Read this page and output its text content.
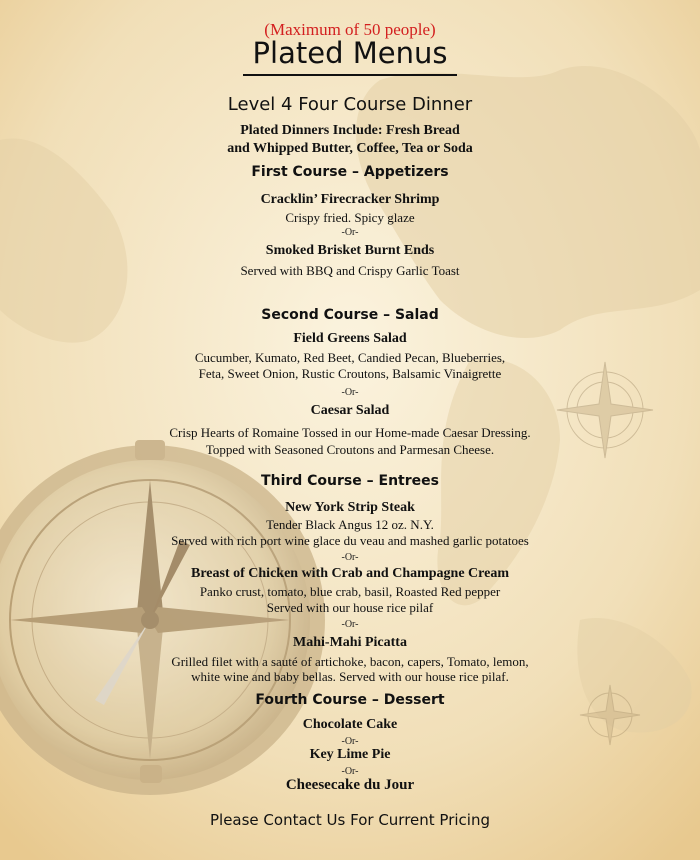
(Maximum of 50 people)
Plated Menus
Level 4 Four Course Dinner
Plated Dinners Include: Fresh Bread
and Whipped Butter, Coffee, Tea or Soda
First Course – Appetizers
Cracklin’ Firecracker Shrimp
Crispy fried. Spicy glaze
-Or-
Smoked Brisket Burnt Ends
Served with BBQ and Crispy Garlic Toast
Second Course – Salad
Field Greens Salad
Cucumber, Kumato, Red Beet, Candied Pecan, Blueberries,
Feta, Sweet Onion, Rustic Croutons, Balsamic Vinaigrette
-Or-
Caesar Salad
Crisp Hearts of Romaine Tossed in our Home-made Caesar Dressing.
Topped with Seasoned Croutons and Parmesan Cheese.
Third Course – Entrees
New York Strip Steak
Tender Black Angus 12 oz. N.Y.
Served with rich port wine glace du veau and mashed garlic potatoes
-Or-
Breast of Chicken with Crab and Champagne Cream
Panko crust, tomato, blue crab, basil, Roasted Red pepper
Served with our house rice pilaf
-Or-
Mahi-Mahi Picatta
Grilled filet with a sauté of artichoke, bacon, capers, Tomato, lemon,
white wine and baby bellas. Served with our house rice pilaf.
Fourth Course – Dessert
Chocolate Cake
-Or-
Key Lime Pie
-Or-
Cheesecake du Jour
Please Contact Us For Current Pricing
